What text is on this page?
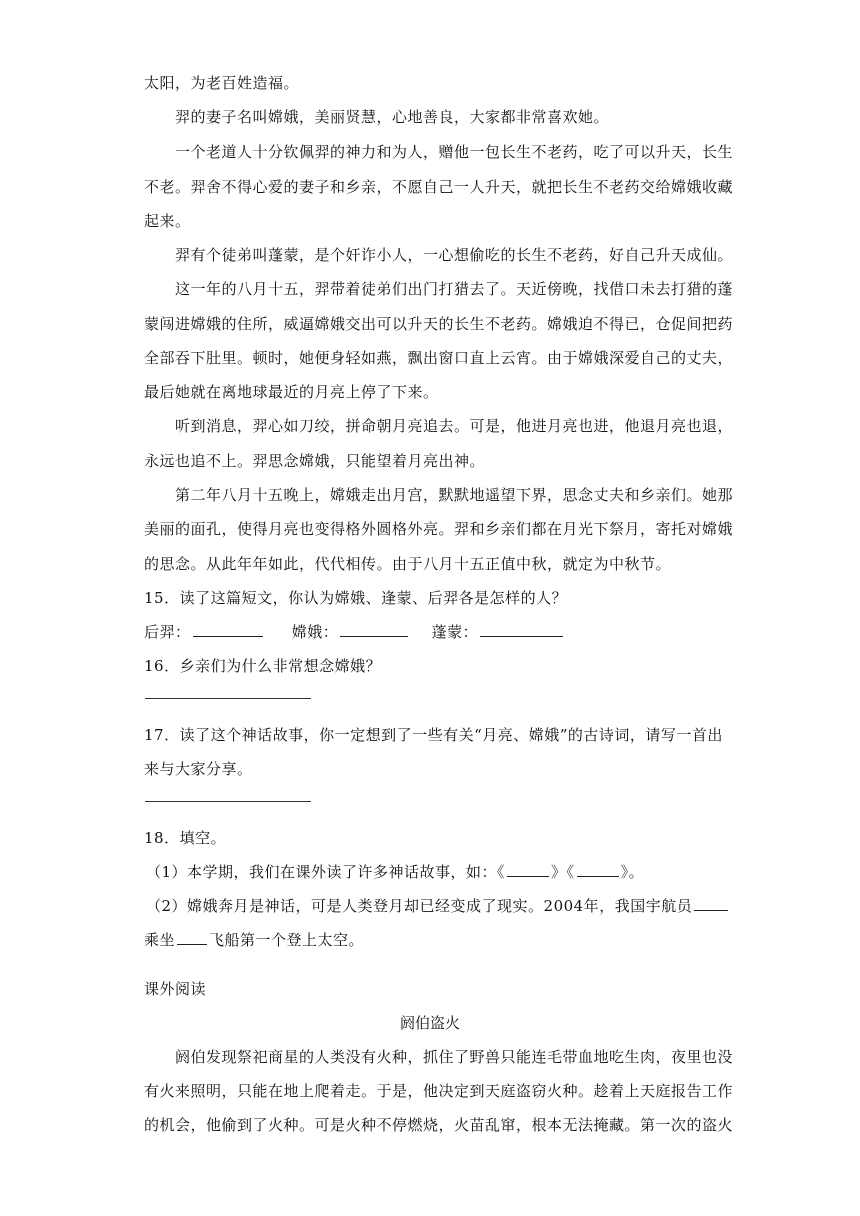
太阳，为老百姓造福。
羿的妻子名叫嫦娥，美丽贤慧，心地善良，大家都非常喜欢她。
一个老道人十分钦佩羿的神力和为人，赠他一包长生不老药，吃了可以升天，长生
不老。羿舍不得心爱的妻子和乡亲，不愿自己一人升天，就把长生不老药交给嫦娥收藏
起来。
羿有个徒弟叫蓬蒙，是个奸诈小人，一心想偷吃的长生不老药，好自己升天成仙。
这一年的八月十五，羿带着徒弟们出门打猎去了。天近傍晚，找借口未去打猎的蓬
蒙闯进嫦娥的住所，威逼嫦娥交出可以升天的长生不老药。嫦娥迫不得已，仓促间把药
全部吞下肚里。顿时，她便身轻如燕，飘出窗口直上云宵。由于嫦娥深爱自己的丈夫，
最后她就在离地球最近的月亮上停了下来。
听到消息，羿心如刀绞，拼命朝月亮追去。可是，他进月亮也进，他退月亮也退，
永远也追不上。羿思念嫦娥，只能望着月亮出神。
第二年八月十五晚上，嫦娥走出月宫，默默地遥望下界，思念丈夫和乡亲们。她那
美丽的面孔，使得月亮也变得格外圆格外亮。羿和乡亲们都在月光下祭月，寄托对嫦娥
的思念。从此年年如此，代代相传。由于八月十五正值中秋，就定为中秋节。
15．读了这篇短文，你认为嫦娥、逢蒙、后羿各是怎样的人？
后羿：	嫦娥：	蓬蒙：
16．乡亲们为什么非常想念嫦娥？
17．读了这个神话故事，你一定想到了一些有关“月亮、嫦娥”的古诗词，请写一首出
来与大家分享。
18．填空。
（1）本学期，我们在课外读了许多神话故事，如：《	》《	》。
（2）嫦娥奔月是神话，可是人类登月却已经变成了现实。2004年，我国宇航员
乘坐 飞船第一个登上太空。
课外阅读
阏伯盗火
阏伯发现祭祀商星的人类没有火种，抓住了野兽只能连毛带血地吃生肉，夜里也没
有火来照明，只能在地上爬着走。于是，他决定到天庭盗窃火种。趁着上天庭报告工作
的机会，他偷到了火种。可是火种不停燃烧，火苗乱窜，根本无法掩藏。第一次的盗火
